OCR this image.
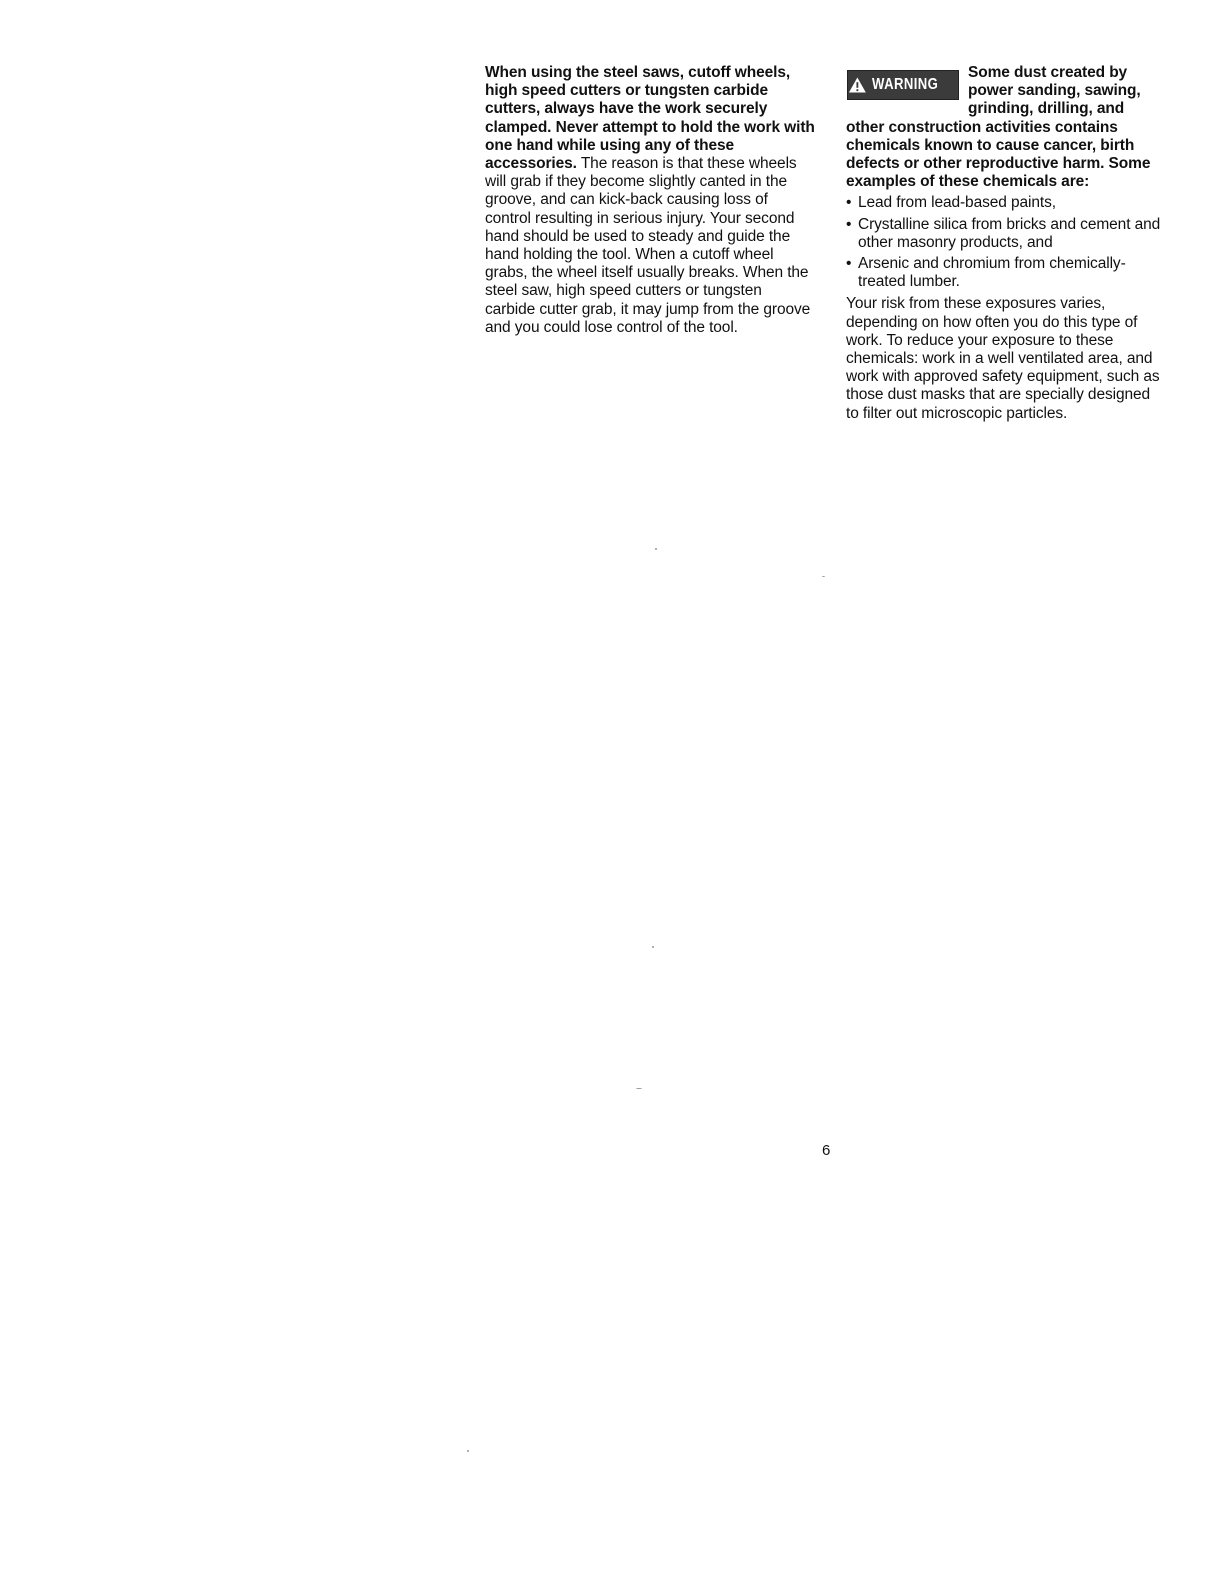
When using the steel saws, cutoff wheels, high speed cutters or tungsten carbide cutters, always have the work securely clamped. Never attempt to hold the work with one hand while using any of these accessories. The reason is that these wheels will grab if they become slightly canted in the groove, and can kick-back causing loss of control resulting in serious injury. Your second hand should be used to steady and guide the hand holding the tool. When a cutoff wheel grabs, the wheel itself usually breaks. When the steel saw, high speed cutters or tungsten carbide cutter grab, it may jump from the groove and you could lose control of the tool.

WARNING

Some dust created by power sanding, sawing, grinding, drilling, and other construction activities contains chemicals known to cause cancer, birth defects or other reproductive harm. Some examples of these chemicals are:

• Lead from lead-based paints,
• Crystalline silica from bricks and cement and other masonry products, and
• Arsenic and chromium from chemically-treated lumber.

Your risk from these exposures varies, depending on how often you do this type of work. To reduce your exposure to these chemicals: work in a well ventilated area, and work with approved safety equipment, such as those dust masks that are specially designed to filter out microscopic particles.

6
